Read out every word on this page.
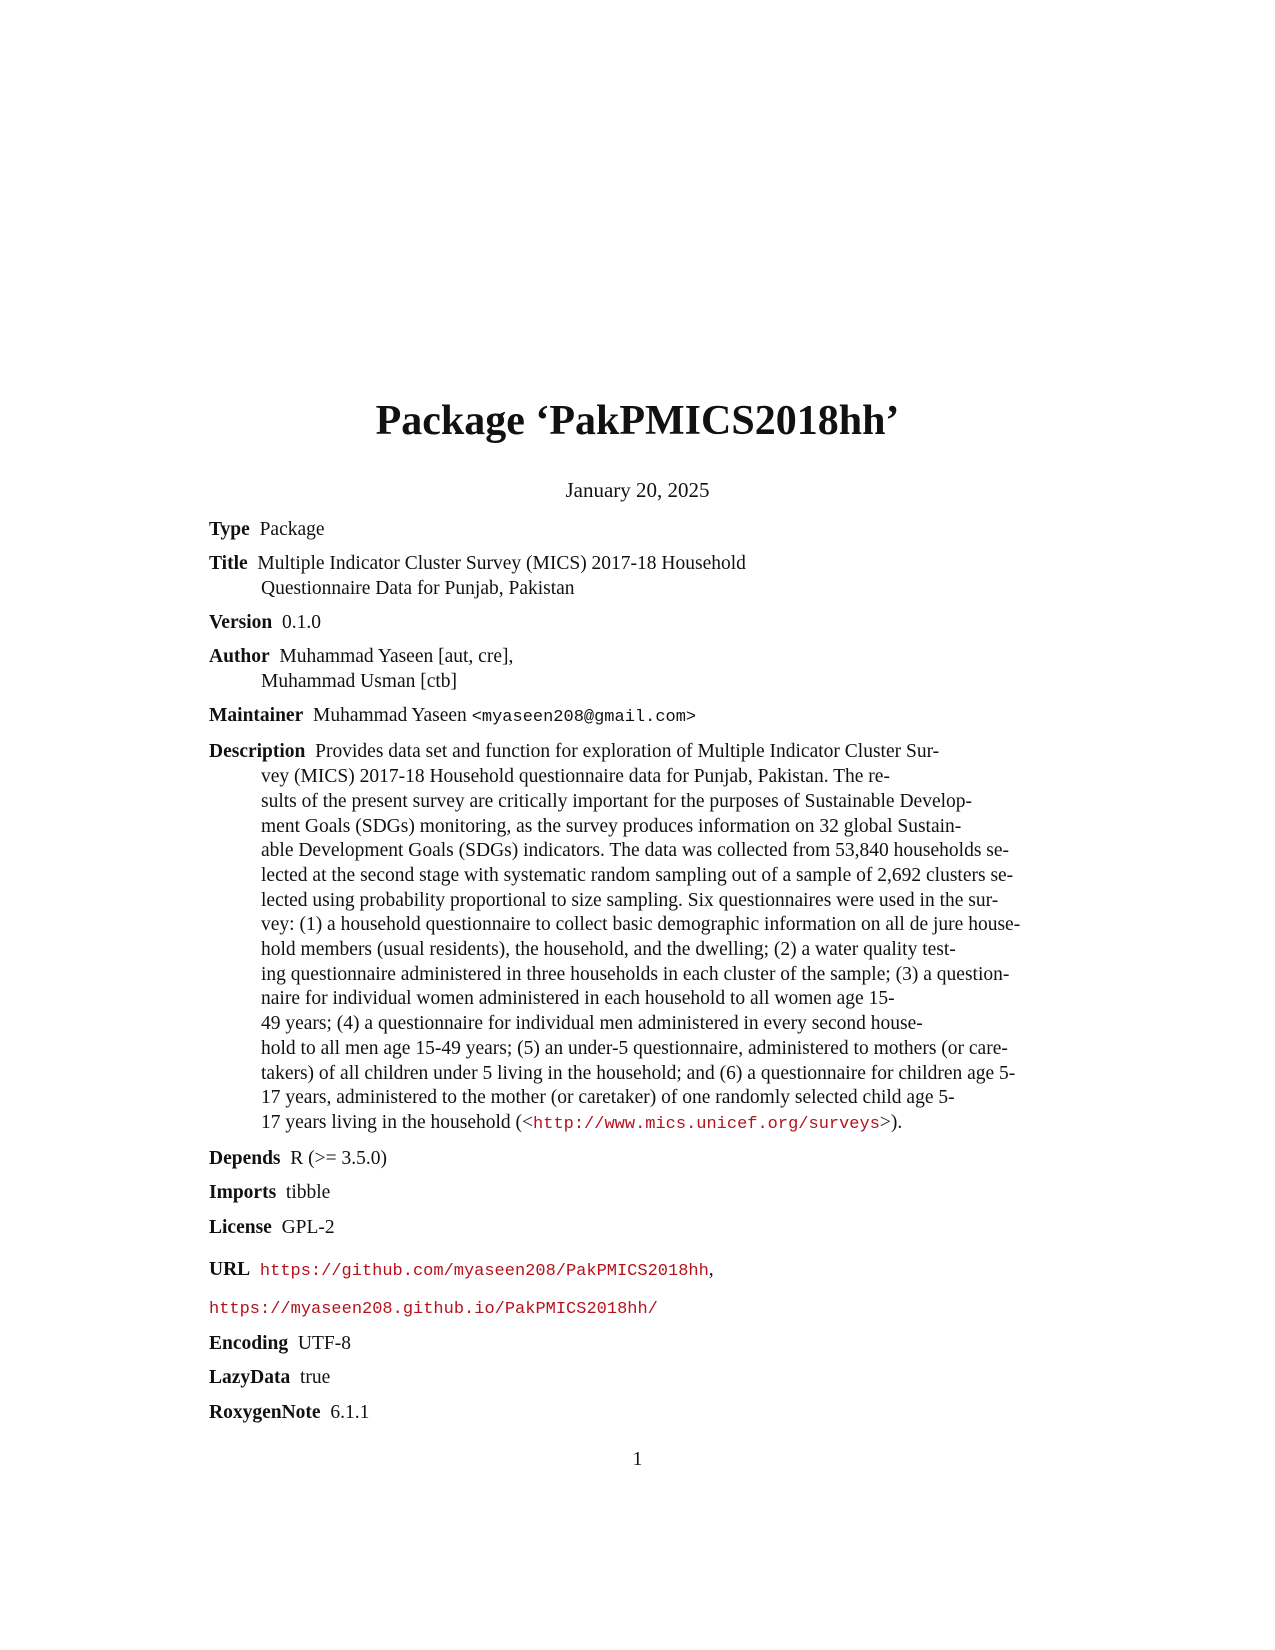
Package ‘PakPMICS2018hh’
January 20, 2025
Type Package
Title Multiple Indicator Cluster Survey (MICS) 2017-18 Household
Questionnaire Data for Punjab, Pakistan
Version 0.1.0
Author Muhammad Yaseen [aut, cre],
Muhammad Usman [ctb]
Maintainer Muhammad Yaseen <myaseen208@gmail.com>
Description Provides data set and function for exploration of Multiple Indicator Cluster Sur-
vey (MICS) 2017-18 Household questionnaire data for Punjab, Pakistan. The re-
sults of the present survey are critically important for the purposes of Sustainable Develop-
ment Goals (SDGs) monitoring, as the survey produces information on 32 global Sustain-
able Development Goals (SDGs) indicators. The data was collected from 53,840 households se-
lected at the second stage with systematic random sampling out of a sample of 2,692 clusters se-
lected using probability proportional to size sampling. Six questionnaires were used in the sur-
vey: (1) a household questionnaire to collect basic demographic information on all de jure house-
hold members (usual residents), the household, and the dwelling; (2) a water quality test-
ing questionnaire administered in three households in each cluster of the sample; (3) a question-
naire for individual women administered in each household to all women age 15-
49 years; (4) a questionnaire for individual men administered in every second house-
hold to all men age 15-49 years; (5) an under-5 questionnaire, administered to mothers (or care-
takers) of all children under 5 living in the household; and (6) a questionnaire for children age 5-
17 years, administered to the mother (or caretaker) of one randomly selected child age 5-
17 years living in the household (<http://www.mics.unicef.org/surveys>).
Depends R (>= 3.5.0)
Imports tibble
License GPL-2
URL https://github.com/myaseen208/PakPMICS2018hh,
https://myaseen208.github.io/PakPMICS2018hh/
Encoding UTF-8
LazyData true
RoxygenNote 6.1.1
1
